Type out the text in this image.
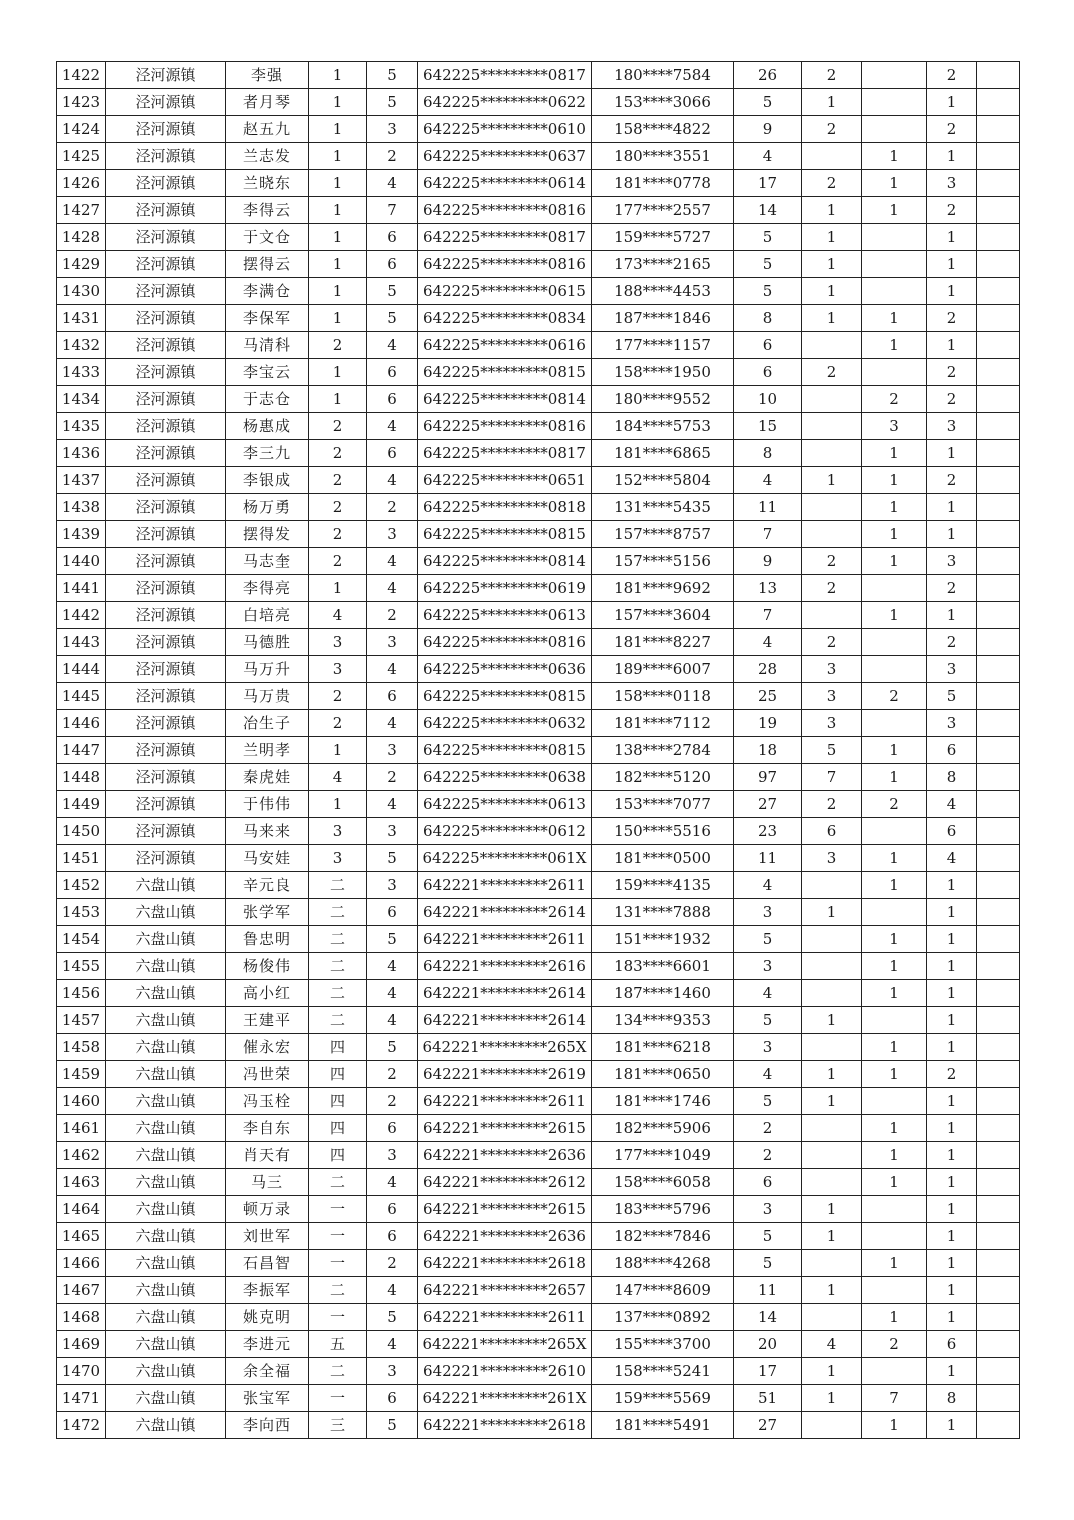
1422	泾河源镇	李强	1	5	642225*********0817	180****7584	26	2		2	
1423	泾河源镇	者月琴	1	5	642225*********0622	153****3066	5	1		1	
1424	泾河源镇	赵五九	1	3	642225*********0610	158****4822	9	2		2	
1425	泾河源镇	兰志发	1	2	642225*********0637	180****3551	4		1	1	
1426	泾河源镇	兰晓东	1	4	642225*********0614	181****0778	17	2	1	3	
1427	泾河源镇	李得云	1	7	642225*********0816	177****2557	14	1	1	2	
1428	泾河源镇	于文仓	1	6	642225*********0817	159****5727	5	1		1	
1429	泾河源镇	摆得云	1	6	642225*********0816	173****2165	5	1		1	
1430	泾河源镇	李满仓	1	5	642225*********0615	188****4453	5	1		1	
1431	泾河源镇	李保军	1	5	642225*********0834	187****1846	8	1	1	2	
1432	泾河源镇	马清科	2	4	642225*********0616	177****1157	6		1	1	
1433	泾河源镇	李宝云	1	6	642225*********0815	158****1950	6	2		2	
1434	泾河源镇	于志仓	1	6	642225*********0814	180****9552	10		2	2	
1435	泾河源镇	杨惠成	2	4	642225*********0816	184****5753	15		3	3	
1436	泾河源镇	李三九	2	6	642225*********0817	181****6865	8		1	1	
1437	泾河源镇	李银成	2	4	642225*********0651	152****5804	4	1	1	2	
1438	泾河源镇	杨万勇	2	2	642225*********0818	131****5435	11		1	1	
1439	泾河源镇	摆得发	2	3	642225*********0815	157****8757	7		1	1	
1440	泾河源镇	马志奎	2	4	642225*********0814	157****5156	9	2	1	3	
1441	泾河源镇	李得亮	1	4	642225*********0619	181****9692	13	2		2	
1442	泾河源镇	白培亮	4	2	642225*********0613	157****3604	7		1	1	
1443	泾河源镇	马德胜	3	3	642225*********0816	181****8227	4	2		2	
1444	泾河源镇	马万升	3	4	642225*********0636	189****6007	28	3		3	
1445	泾河源镇	马万贵	2	6	642225*********0815	158****0118	25	3	2	5	
1446	泾河源镇	冶生子	2	4	642225*********0632	181****7112	19	3		3	
1447	泾河源镇	兰明孝	1	3	642225*********0815	138****2784	18	5	1	6	
1448	泾河源镇	秦虎娃	4	2	642225*********0638	182****5120	97	7	1	8	
1449	泾河源镇	于伟伟	1	4	642225*********0613	153****7077	27	2	2	4	
1450	泾河源镇	马来来	3	3	642225*********0612	150****5516	23	6		6	
1451	泾河源镇	马安娃	3	5	642225*********061X	181****0500	11	3	1	4	
1452	六盘山镇	辛元良	二	3	642221*********2611	159****4135	4		1	1	
1453	六盘山镇	张学军	二	6	642221*********2614	131****7888	3	1		1	
1454	六盘山镇	鲁忠明	二	5	642221*********2611	151****1932	5		1	1	
1455	六盘山镇	杨俊伟	二	4	642221*********2616	183****6601	3		1	1	
1456	六盘山镇	高小红	二	4	642221*********2614	187****1460	4		1	1	
1457	六盘山镇	王建平	二	4	642221*********2614	134****9353	5	1		1	
1458	六盘山镇	催永宏	四	5	642221*********265X	181****6218	3		1	1	
1459	六盘山镇	冯世荣	四	2	642221*********2619	181****0650	4	1	1	2	
1460	六盘山镇	冯玉栓	四	2	642221*********2611	181****1746	5	1		1	
1461	六盘山镇	李自东	四	6	642221*********2615	182****5906	2		1	1	
1462	六盘山镇	肖天有	四	3	642221*********2636	177****1049	2		1	1	
1463	六盘山镇	马三	二	4	642221*********2612	158****6058	6		1	1	
1464	六盘山镇	顿万录	一	6	642221*********2615	183****5796	3	1		1	
1465	六盘山镇	刘世军	一	6	642221*********2636	182****7846	5	1		1	
1466	六盘山镇	石昌智	一	2	642221*********2618	188****4268	5		1	1	
1467	六盘山镇	李振军	二	4	642221*********2657	147****8609	11	1		1	
1468	六盘山镇	姚克明	一	5	642221*********2611	137****0892	14		1	1	
1469	六盘山镇	李进元	五	4	642221*********265X	155****3700	20	4	2	6	
1470	六盘山镇	余全福	二	3	642221*********2610	158****5241	17	1		1	
1471	六盘山镇	张宝军	一	6	642221*********261X	159****5569	51	1	7	8	
1472	六盘山镇	李向西	三	5	642221*********2618	181****5491	27		1	1	
